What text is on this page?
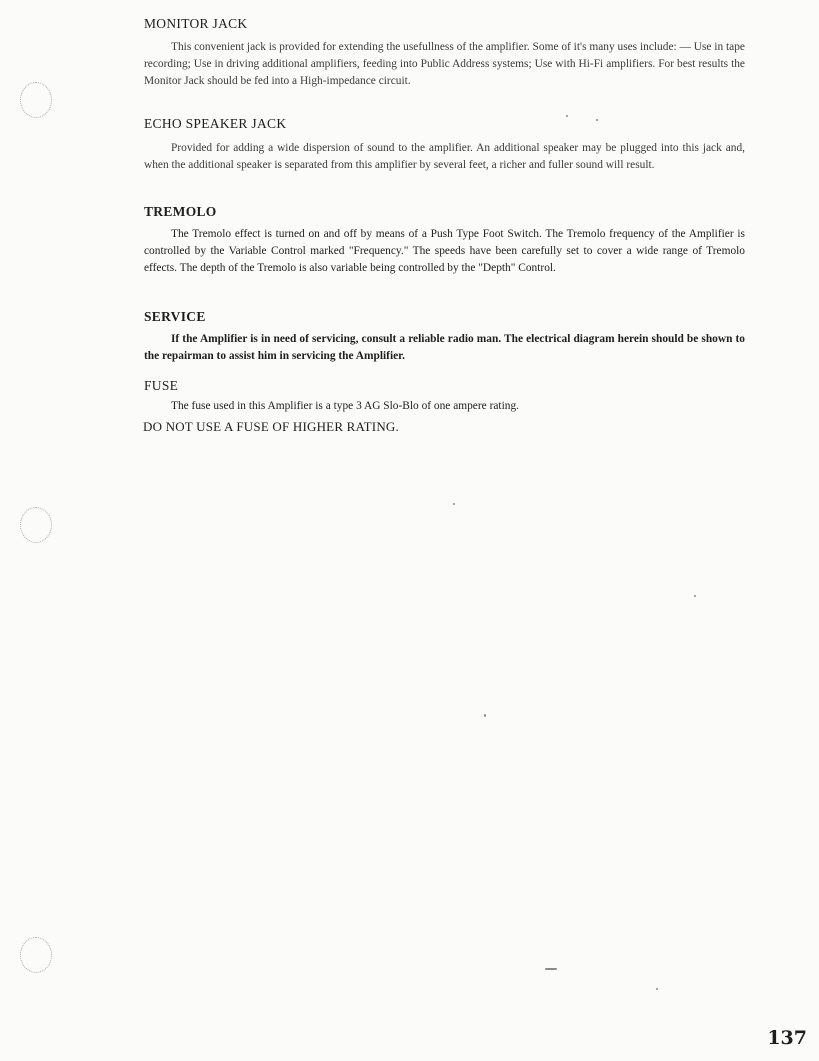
MONITOR JACK

This convenient jack is provided for extending the usefullness of the amplifier. Some of it's many uses include: — Use in tape recording; Use in driving additional amplifiers, feeding into Public Address systems; Use with Hi-Fi amplifiers. For best results the Monitor Jack should be fed into a High-impedance circuit.

ECHO SPEAKER JACK

Provided for adding a wide dispersion of sound to the amplifier. An additional speaker may be plugged into this jack and, when the additional speaker is separated from this amplifier by several feet, a richer and fuller sound will result.

TREMOLO

The Tremolo effect is turned on and off by means of a Push Type Foot Switch. The Tremolo frequency of the Amplifier is controlled by the Variable Control marked "Frequency." The speeds have been carefully set to cover a wide range of Tremolo effects. The depth of the Tremolo is also variable being controlled by the "Depth" Control.

SERVICE

If the Amplifier is in need of servicing, consult a reliable radio man. The electrical diagram herein should be shown to the repairman to assist him in servicing the Amplifier.

FUSE

The fuse used in this Amplifier is a type 3 AG Slo-Blo of one ampere rating.

DO NOT USE A FUSE OF HIGHER RATING.

137
